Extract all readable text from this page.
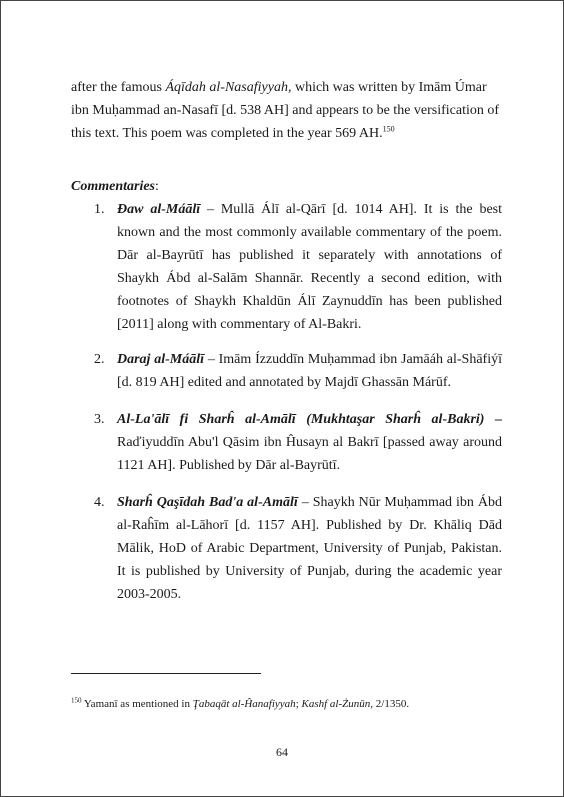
after the famous Áqīdah al-Nasafiyyah, which was written by Imām Úmar ibn Muḥammad an-Nasafī [d. 538 AH] and appears to be the versification of this text. This poem was completed in the year 569 AH.$^{150}$

Commentaries:

1. Đaw al-Máālī – Mullā Álī al-Qārī [d. 1014 AH]. It is the best known and the most commonly available commentary of the poem. Dār al-Bayrūtī has published it separately with annotations of Shaykh Ábd al-Salām Shannār. Recently a second edition, with footnotes of Shaykh Khaldūn Álī Zaynuddīn has been published [2011] along with commentary of Al-Bakri.
2. Daraj al-Máālī – Imām Ízzuddīn Muḥammad ibn Jamāáh al-Shāfiýī [d. 819 AH] edited and annotated by Majdī Ghassān Márūf.
3. Al-La'ālī fi Sharĥ al-Amālī (Mukhtaşar Sharĥ al-Bakri) – Raďiyuddīn Abu'l Qāsim ibn Ĥusayn al Bakrī [passed away around 1121 AH]. Published by Dār al-Bayrūtī.
4. Sharĥ Qaşīdah Bad'a al-Amālī – Shaykh Nūr Muḥammad ibn Ábd al-Raĥīm al-Lāhorī [d. 1157 AH]. Published by Dr. Khāliq Dād Mālik, HoD of Arabic Department, University of Punjab, Pakistan. It is published by University of Punjab, during the academic year 2003-2005.
$^{150}$ Yamanī as mentioned in Ţabaqāt al-Ĥanafiyyah; Kashf al-Żunūn, 2/1350.
64
